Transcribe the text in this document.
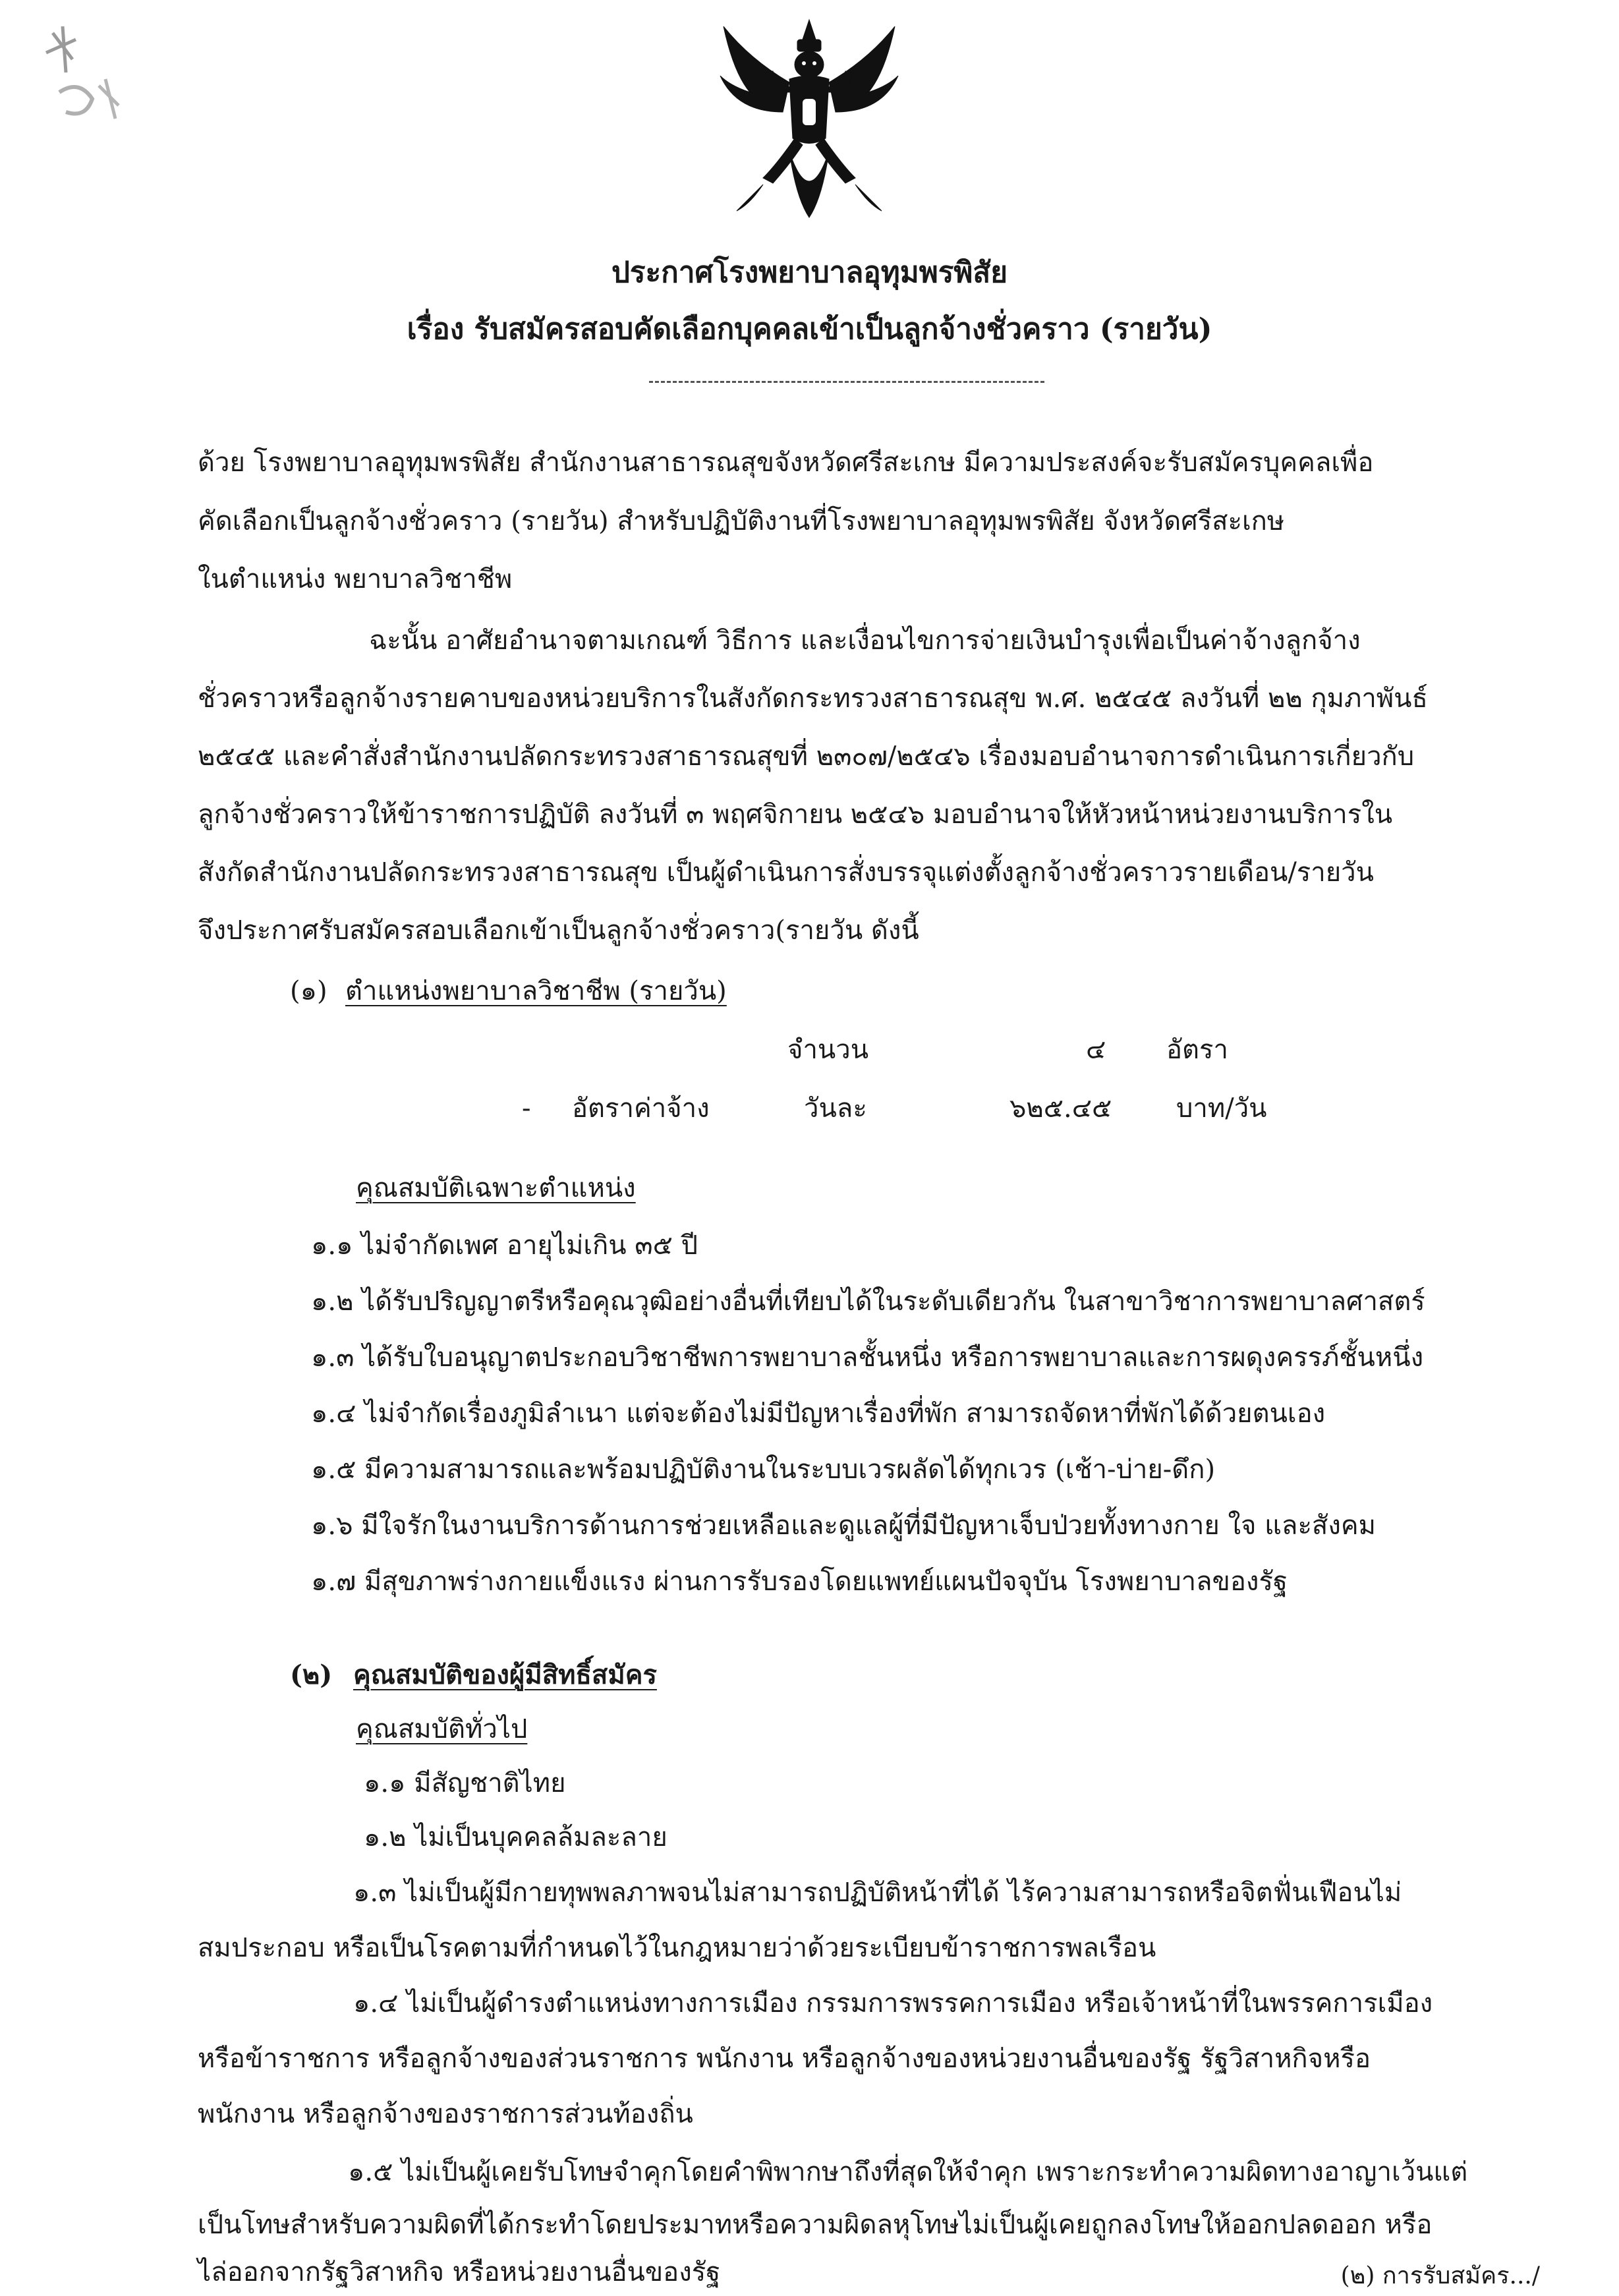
ประกาศโรงพยาบาลอุทุมพรพิสัย
เรื่อง รับสมัครสอบคัดเลือกบุคคลเข้าเป็นลูกจ้างชั่วคราว (รายวัน)
ด้วย โรงพยาบาลอุทุมพรพิสัย สำนักงานสาธารณสุขจังหวัดศรีสะเกษ มีความประสงค์จะรับสมัครบุคคลเพื่อ
คัดเลือกเป็นลูกจ้างชั่วคราว (รายวัน) สำหรับปฏิบัติงานที่โรงพยาบาลอุทุมพรพิสัย จังหวัดศรีสะเกษ
ในตำแหน่ง พยาบาลวิชาชีพ
ฉะนั้น อาศัยอำนาจตามเกณฑ์ วิธีการ และเงื่อนไขการจ่ายเงินบำรุงเพื่อเป็นค่าจ้างลูกจ้าง
ชั่วคราวหรือลูกจ้างรายคาบของหน่วยบริการในสังกัดกระทรวงสาธารณสุข พ.ศ. ๒๕๔๕ ลงวันที่ ๒๒ กุมภาพันธ์
๒๕๔๕ และคำสั่งสำนักงานปลัดกระทรวงสาธารณสุขที่ ๒๓๐๗/๒๕๔๖ เรื่องมอบอำนาจการดำเนินการเกี่ยวกับ
ลูกจ้างชั่วคราวให้ข้าราชการปฏิบัติ ลงวันที่ ๓ พฤศจิกายน ๒๕๔๖ มอบอำนาจให้หัวหน้าหน่วยงานบริการใน
สังกัดสำนักงานปลัดกระทรวงสาธารณสุข เป็นผู้ดำเนินการสั่งบรรจุแต่งตั้งลูกจ้างชั่วคราวรายเดือน/รายวัน
จึงประกาศรับสมัครสอบเลือกเข้าเป็นลูกจ้างชั่วคราว(รายวัน ดังนี้
(๑) ตำแหน่งพยาบาลวิชาชีพ (รายวัน)
จำนวน	๔ อัตรา
- อัตราค่าจ้าง	วันละ	๖๒๕.๔๕ บาท/วัน
คุณสมบัติเฉพาะตำแหน่ง
๑.๑ ไม่จำกัดเพศ อายุไม่เกิน ๓๕ ปี
๑.๒ ได้รับปริญญาตรีหรือคุณวุฒิอย่างอื่นที่เทียบได้ในระดับเดียวกัน ในสาขาวิชาการพยาบาลศาสตร์
๑.๓ ได้รับใบอนุญาตประกอบวิชาชีพการพยาบาลชั้นหนึ่ง หรือการพยาบาลและการผดุงครรภ์ชั้นหนึ่ง
๑.๔ ไม่จำกัดเรื่องภูมิลำเนา แต่จะต้องไม่มีปัญหาเรื่องที่พัก สามารถจัดหาที่พักได้ด้วยตนเอง
๑.๕ มีความสามารถและพร้อมปฏิบัติงานในระบบเวรผลัดได้ทุกเวร (เช้า-บ่าย-ดึก)
๑.๖ มีใจรักในงานบริการด้านการช่วยเหลือและดูแลผู้ที่มีปัญหาเจ็บป่วยทั้งทางกาย ใจ และสังคม
๑.๗ มีสุขภาพร่างกายแข็งแรง ผ่านการรับรองโดยแพทย์แผนปัจจุบัน โรงพยาบาลของรัฐ
(๒) คุณสมบัติของผู้มีสิทธิ์สมัคร
คุณสมบัติทั่วไป
๑.๑ มีสัญชาติไทย
๑.๒ ไม่เป็นบุคคลล้มละลาย
๑.๓ ไม่เป็นผู้มีกายทุพพลภาพจนไม่สามารถปฏิบัติหน้าที่ได้ ไร้ความสามารถหรือจิตฟั่นเฟือนไม่
สมประกอบ หรือเป็นโรคตามที่กำหนดไว้ในกฎหมายว่าด้วยระเบียบข้าราชการพลเรือน
๑.๔ ไม่เป็นผู้ดำรงตำแหน่งทางการเมือง กรรมการพรรคการเมือง หรือเจ้าหน้าที่ในพรรคการเมือง
หรือข้าราชการ หรือลูกจ้างของส่วนราชการ พนักงาน หรือลูกจ้างของหน่วยงานอื่นของรัฐ รัฐวิสาหกิจหรือ
พนักงาน หรือลูกจ้างของราชการส่วนท้องถิ่น
๑.๕ ไม่เป็นผู้เคยรับโทษจำคุกโดยคำพิพากษาถึงที่สุดให้จำคุก เพราะกระทำความผิดทางอาญาเว้นแต่
เป็นโทษสำหรับความผิดที่ได้กระทำโดยประมาทหรือความผิดลหุโทษไม่เป็นผู้เคยถูกลงโทษให้ออกปลดออก หรือ
ไล่ออกจากรัฐวิสาหกิจ หรือหน่วยงานอื่นของรัฐ	(๒) การรับสมัคร.../
